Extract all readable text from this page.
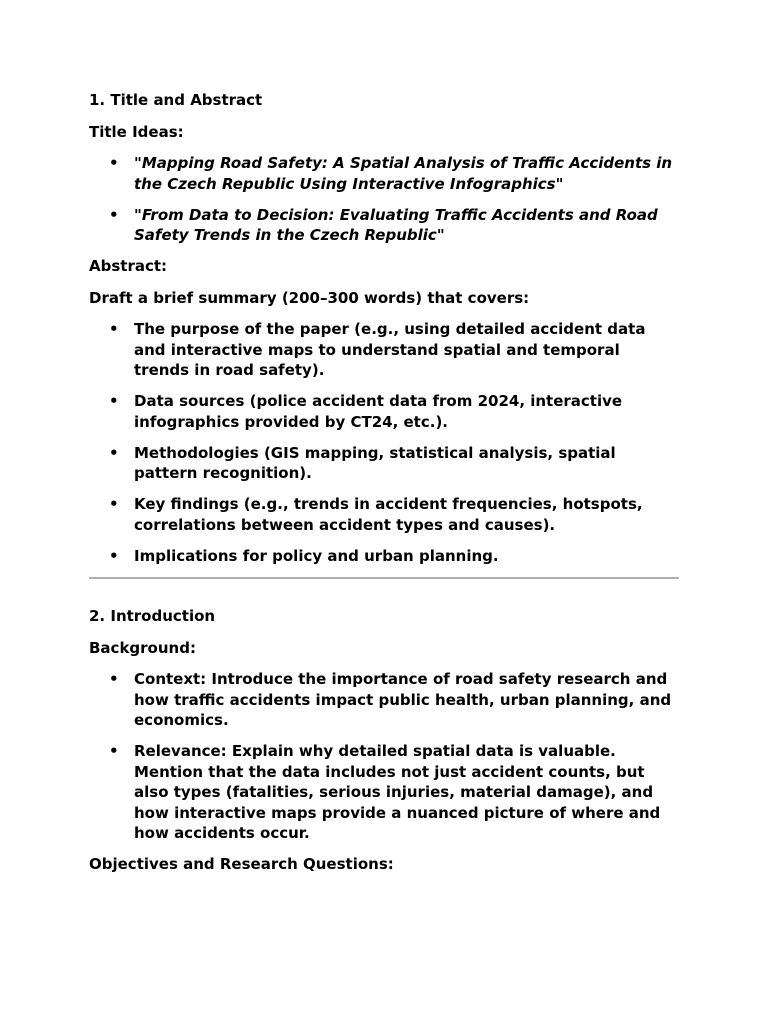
1. Title and Abstract

Title Ideas:

• "Mapping Road Safety: A Spatial Analysis of Traffic Accidents in the Czech Republic Using Interactive Infographics"
• "From Data to Decision: Evaluating Traffic Accidents and Road Safety Trends in the Czech Republic"

Abstract:

Draft a brief summary (200–300 words) that covers:

• The purpose of the paper (e.g., using detailed accident data and interactive maps to understand spatial and temporal trends in road safety).
• Data sources (police accident data from 2024, interactive infographics provided by CT24, etc.).
• Methodologies (GIS mapping, statistical analysis, spatial pattern recognition).
• Key findings (e.g., trends in accident frequencies, hotspots, correlations between accident types and causes).
• Implications for policy and urban planning.

2. Introduction

Background:

• Context: Introduce the importance of road safety research and how traffic accidents impact public health, urban planning, and economics.
• Relevance: Explain why detailed spatial data is valuable. Mention that the data includes not just accident counts, but also types (fatalities, serious injuries, material damage), and how interactive maps provide a nuanced picture of where and how accidents occur.

Objectives and Research Questions:
